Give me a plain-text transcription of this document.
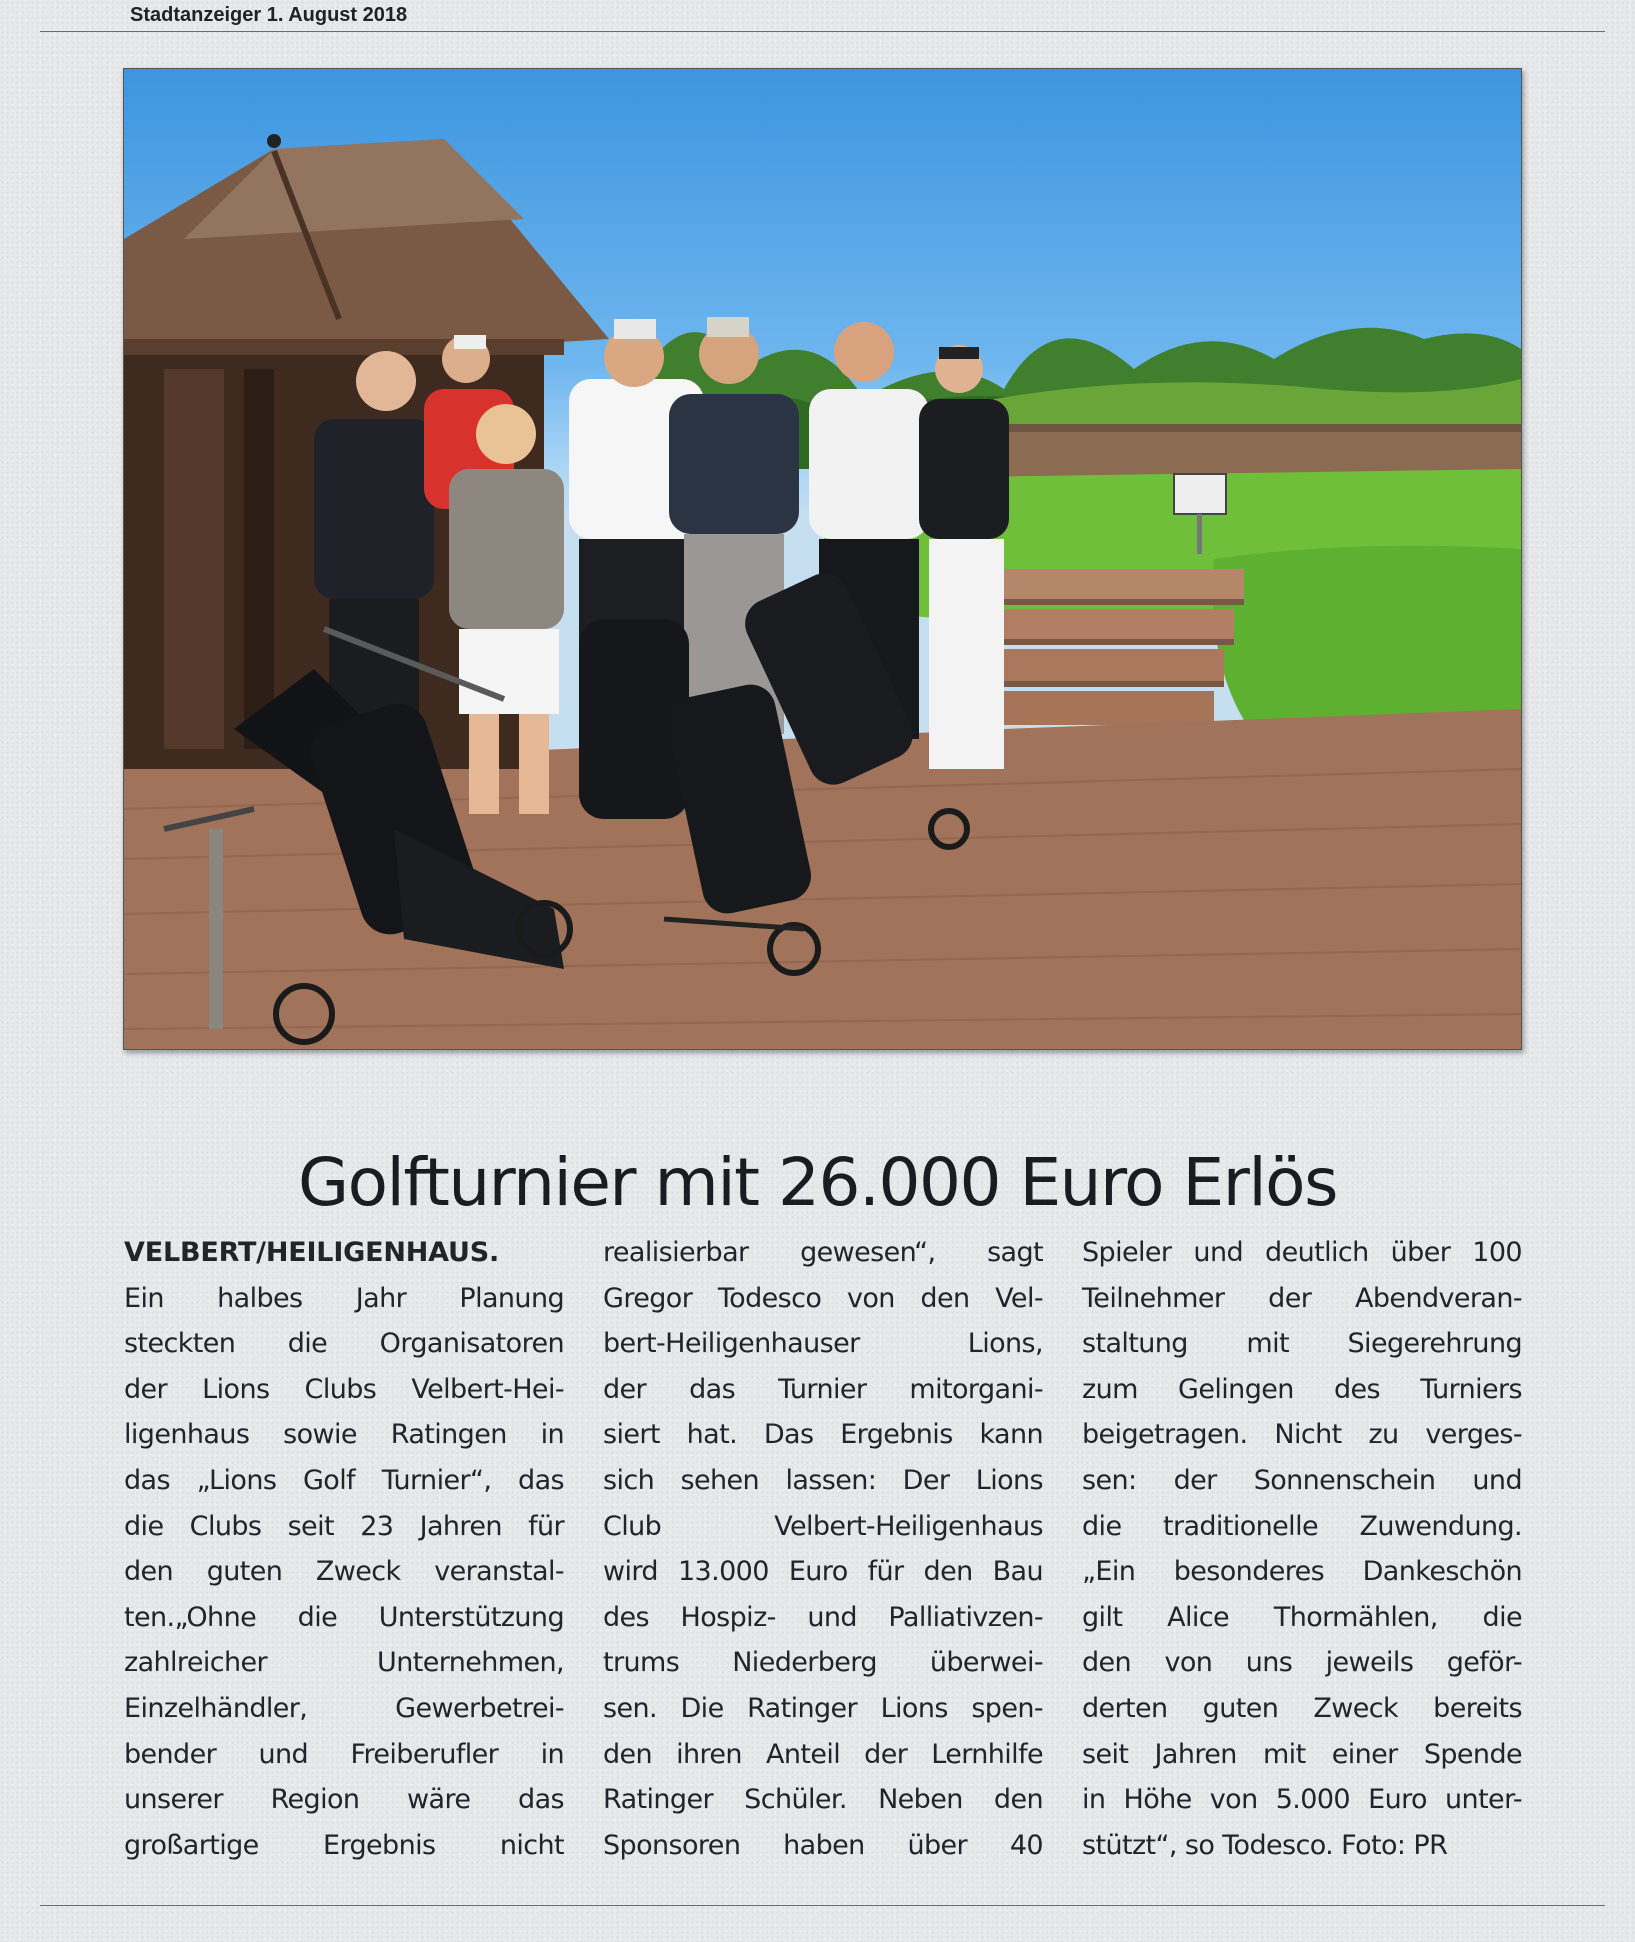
Stadtanzeiger 1. August 2018
Golfturnier mit 26.000 Euro Erlös
VELBERT/HEILIGENHAUS.
Ein halbes Jahr Planung
steckten die Organisatoren
der Lions Clubs Velbert-Hei-
ligenhaus sowie Ratingen in
das „Lions Golf Turnier“, das
die Clubs seit 23 Jahren für
den guten Zweck veranstal-
ten.„Ohne die Unterstützung
zahlreicher Unternehmen,
Einzelhändler, Gewerbetrei-
bender und Freiberufler in
unserer Region wäre das
großartige Ergebnis nicht
realisierbar gewesen“, sagt
Gregor Todesco von den Vel-
bert-Heiligenhauser Lions,
der das Turnier mitorgani-
siert hat. Das Ergebnis kann
sich sehen lassen: Der Lions
Club Velbert-Heiligenhaus
wird 13.000 Euro für den Bau
des Hospiz- und Palliativzen-
trums Niederberg überwei-
sen. Die Ratinger Lions spen-
den ihren Anteil der Lernhilfe
Ratinger Schüler. Neben den
Sponsoren haben über 40
Spieler und deutlich über 100
Teilnehmer der Abendveran-
staltung mit Siegerehrung
zum Gelingen des Turniers
beigetragen. Nicht zu verges-
sen: der Sonnenschein und
die traditionelle Zuwendung.
„Ein besonderes Dankeschön
gilt Alice Thormählen, die
den von uns jeweils geför-
derten guten Zweck bereits
seit Jahren mit einer Spende
in Höhe von 5.000 Euro unter-
stützt“, so Todesco. Foto: PR
